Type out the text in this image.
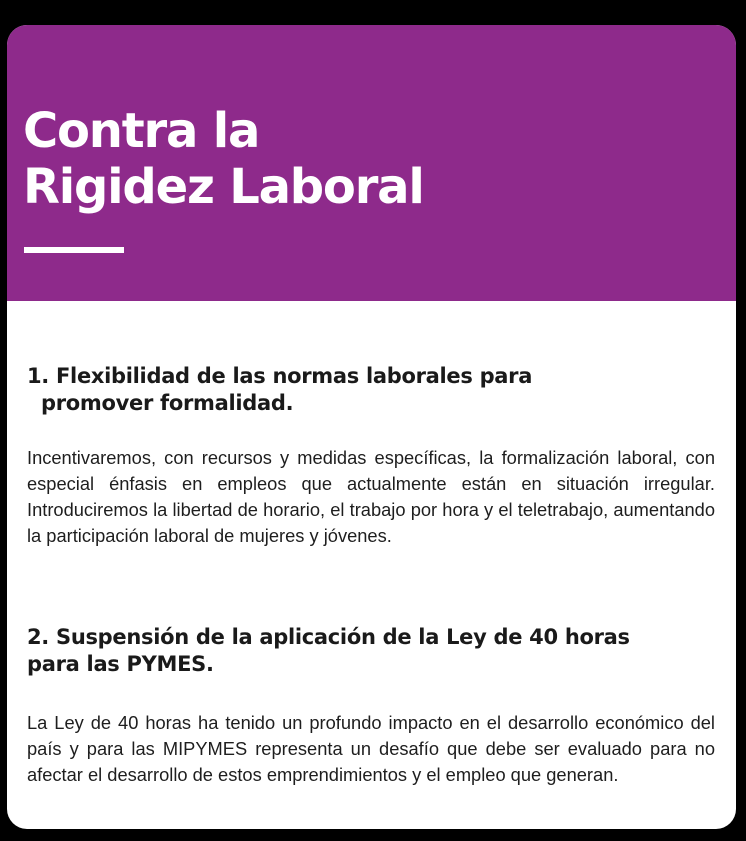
Contra la
Rigidez Laboral
1. Flexibilidad de las normas laborales para
promover formalidad.

Incentivaremos, con recursos y medidas específicas, la formalización laboral, con especial énfasis en empleos que actualmente están en situación irregular. Introduciremos la libertad de horario, el trabajo por hora y el teletrabajo, aumentando la participación laboral de mujeres y jóvenes.

2. Suspensión de la aplicación de la Ley de 40 horas
para las PYMES.

La Ley de 40 horas ha tenido un profundo impacto en el desarrollo económico del país y para las MIPYMES representa un desafío que debe ser evaluado para no afectar el desarrollo de estos emprendimientos y el empleo que generan.
